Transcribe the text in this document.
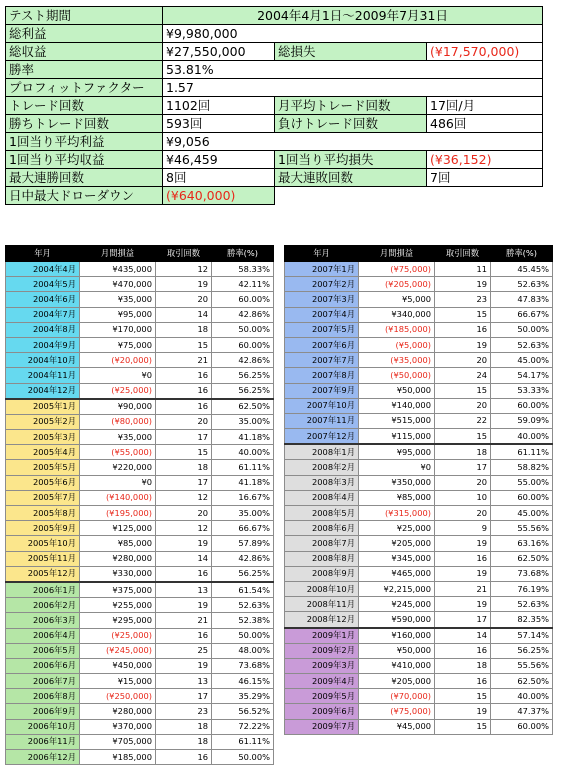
テスト期間	2004年4月1日～2009年7月31日		
総利益	¥9,980,000		
総収益	¥27,550,000	総損失	(¥17,570,000)
勝率	53.81%		
プロフィットファクター	1.57		
トレード回数	1102回	月平均トレード回数	17回/月
勝ちトレード回数	593回	負けトレード回数	486回
1回当り平均利益	¥9,056		
1回当り平均収益	¥46,459	1回当り平均損失	(¥36,152)
最大連勝回数	8回	最大連敗回数	7回
日中最大ドローダウン	(¥640,000)		
年月	月間損益	取引回数	勝率(%)
2004年4月	¥435,000	12	58.33%
2004年5月	¥470,000	19	42.11%
2004年6月	¥35,000	20	60.00%
2004年7月	¥95,000	14	42.86%
2004年8月	¥170,000	18	50.00%
2004年9月	¥75,000	15	60.00%
2004年10月	(¥20,000)	21	42.86%
2004年11月	¥0	16	56.25%
2004年12月	(¥25,000)	16	56.25%
2005年1月	¥90,000	16	62.50%
2005年2月	(¥80,000)	20	35.00%
2005年3月	¥35,000	17	41.18%
2005年4月	(¥55,000)	15	40.00%
2005年5月	¥220,000	18	61.11%
2005年6月	¥0	17	41.18%
2005年7月	(¥140,000)	12	16.67%
2005年8月	(¥195,000)	20	35.00%
2005年9月	¥125,000	12	66.67%
2005年10月	¥85,000	19	57.89%
2005年11月	¥280,000	14	42.86%
2005年12月	¥330,000	16	56.25%
2006年1月	¥375,000	13	61.54%
2006年2月	¥255,000	19	52.63%
2006年3月	¥295,000	21	52.38%
2006年4月	(¥25,000)	16	50.00%
2006年5月	(¥245,000)	25	48.00%
2006年6月	¥450,000	19	73.68%
2006年7月	¥15,000	13	46.15%
2006年8月	(¥250,000)	17	35.29%
2006年9月	¥280,000	23	56.52%
2006年10月	¥370,000	18	72.22%
2006年11月	¥705,000	18	61.11%
2006年12月	¥185,000	16	50.00%
年月	月間損益	取引回数	勝率(%)
2007年1月	(¥75,000)	11	45.45%
2007年2月	(¥205,000)	19	52.63%
2007年3月	¥5,000	23	47.83%
2007年4月	¥340,000	15	66.67%
2007年5月	(¥185,000)	16	50.00%
2007年6月	(¥5,000)	19	52.63%
2007年7月	(¥35,000)	20	45.00%
2007年8月	(¥50,000)	24	54.17%
2007年9月	¥50,000	15	53.33%
2007年10月	¥140,000	20	60.00%
2007年11月	¥515,000	22	59.09%
2007年12月	¥115,000	15	40.00%
2008年1月	¥95,000	18	61.11%
2008年2月	¥0	17	58.82%
2008年3月	¥350,000	20	55.00%
2008年4月	¥85,000	10	60.00%
2008年5月	(¥315,000)	20	45.00%
2008年6月	¥25,000	9	55.56%
2008年7月	¥205,000	19	63.16%
2008年8月	¥345,000	16	62.50%
2008年9月	¥465,000	19	73.68%
2008年10月	¥2,215,000	21	76.19%
2008年11月	¥245,000	19	52.63%
2008年12月	¥590,000	17	82.35%
2009年1月	¥160,000	14	57.14%
2009年2月	¥50,000	16	56.25%
2009年3月	¥410,000	18	55.56%
2009年4月	¥205,000	16	62.50%
2009年5月	(¥70,000)	15	40.00%
2009年6月	(¥75,000)	19	47.37%
2009年7月	¥45,000	15	60.00%
